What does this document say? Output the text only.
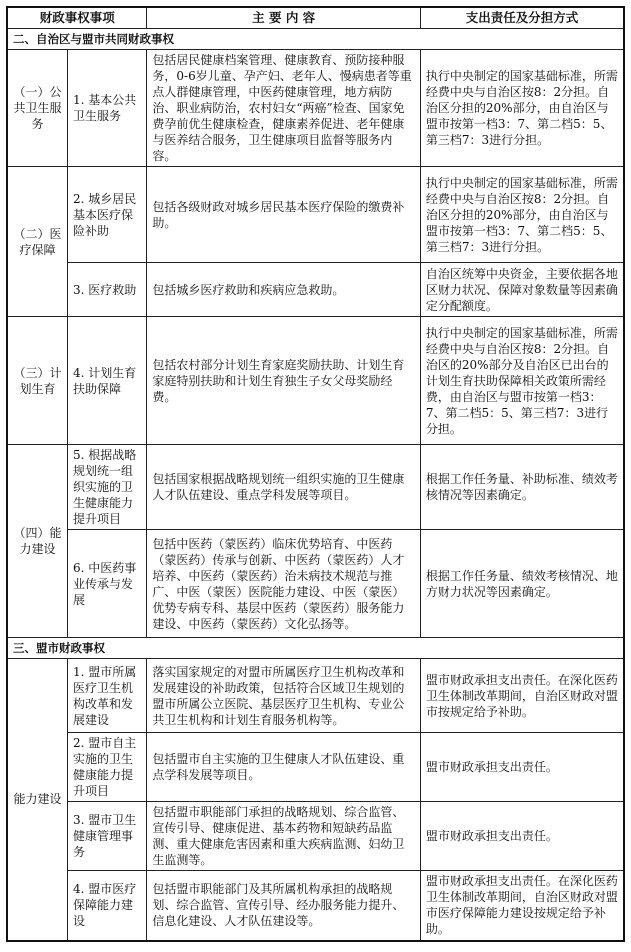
财政事权事项		主 要 内 容	支出责任及分担方式
二、自治区与盟市共同财政事权			
（一）公共卫生服 务	1. 基本公共卫生服务	包括居民健康档案管理、健康教育、预防接种服务，0-6岁儿童、孕产妇、老年人、慢病患者等重点人群健康管理，中医药健康管理，地方病防治、职业病防治，农村妇女“两癌”检查、国家免费孕前优生健康检查，健康素养促进、老年健康与医养结合服务，卫生健康项目监督等服务内容。	执行中央制定的国家基础标准，所需经费中央与自治区按8：2分担。自治区分担的20%部分，由自治区与盟市按第一档3：7、第二档5：5、第三档7：3进行分担。
（二）医疗保障	2. 城乡居民基本医疗保险补助	包括各级财政对城乡居民基本医疗保险的缴费补助。	执行中央制定的国家基础标准，所需经费中央与自治区按8：2分担。自治区分担的20%部分，由自治区与盟市按第一档3：7、第二档5：5、第三档7：3进行分担。
	3. 医疗救助	包括城乡医疗救助和疾病应急救助。	自治区统筹中央资金，主要依据各地区财力状况、保障对象数量等因素确定分配额度。
（三）计划生育	4. 计划生育扶助保障	包括农村部分计划生育家庭奖励扶助、计划生育家庭特别扶助和计划生育独生子女父母奖励经费。	执行中央制定的国家基础标准，所需经费中央与自治区按8：2分担。自治区的20%部分及自治区已出台的计划生育扶助保障相关政策所需经费，由自治区与盟市按第一档3：7、第二档5：5、第三档7：3进行分担。
（四）能力建设	5. 根据战略规划统一组织实施的卫生健康能力提升项目	包括国家根据战略规划统一组织实施的卫生健康人才队伍建设、重点学科发展等项目。	根据工作任务量、补助标准、绩效考核情况等因素确定。
	6. 中医药事业传承与发展	包括中医药（蒙医药）临床优势培育、中医药（蒙医药）传承与创新、中医药（蒙医药）人才培养、中医药（蒙医药）治未病技术规范与推广、中医（蒙医）医院能力建设、中医（蒙医）优势专病专科、基层中医药（蒙医药）服务能力建设、中医药（蒙医药）文化弘扬等。	根据工作任务量、绩效考核情况、地方财力状况等因素确定。
三、盟市财政事权			
能力建设	1. 盟市所属医疗卫生机构改革和发展建设	落实国家规定的对盟市所属医疗卫生机构改革和发展建设的补助政策，包括符合区域卫生规划的盟市所属公立医院、基层医疗卫生机构、专业公共卫生机构和计划生育服务机构等。	盟市财政承担支出责任。在深化医药卫生体制改革期间，自治区财政对盟市按规定给予补助。
	2. 盟市自主实施的卫生健康能力提升项目	包括盟市自主实施的卫生健康人才队伍建设、重点学科发展等项目。	盟市财政承担支出责任。
	3. 盟市卫生健康管理事务	包括盟市职能部门承担的战略规划、综合监管、宣传引导、健康促进、基本药物和短缺药品监测、重大健康危害因素和重大疾病监测、妇幼卫生监测等。	盟市财政承担支出责任。
	4. 盟市医疗保障能力建设	包括盟市职能部门及其所属机构承担的战略规划、综合监管、宣传引导、经办服务能力提升、信息化建设、人才队伍建设等。	盟市财政承担支出责任。在深化医药卫生体制改革期间，自治区财政对盟市医疗保障能力建设按规定给予补助。
